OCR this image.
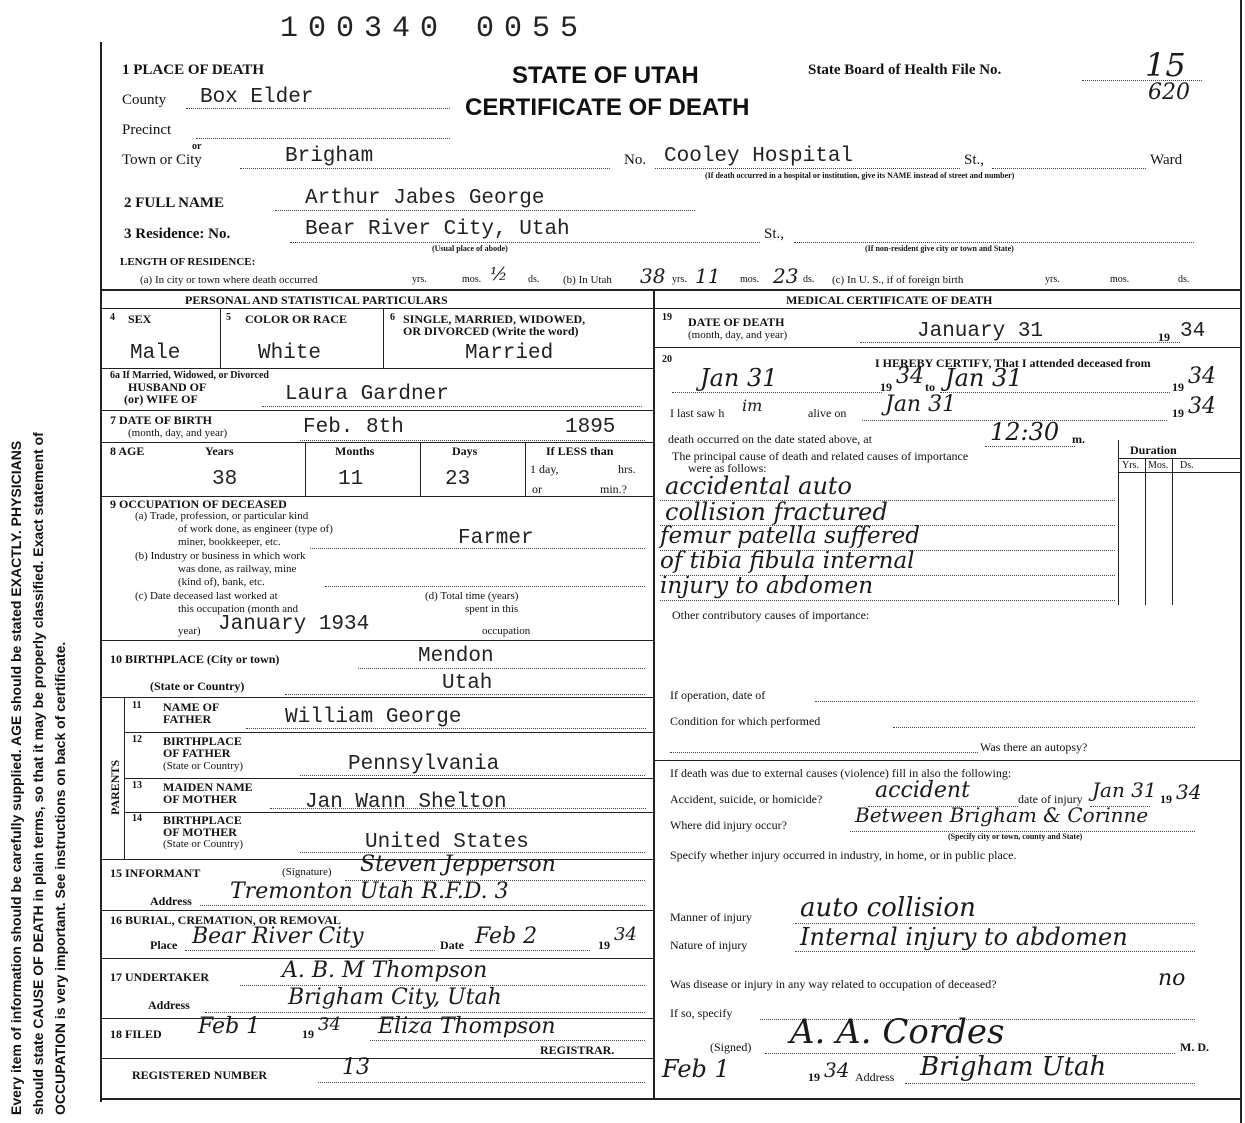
Every item of information should be carefully supplied. AGE should be stated EXACTLY. PHYSICIANS should state CAUSE OF DEATH in plain terms, so that it may be properly classified. Exact statement of OCCUPATION is very important. See instructions on back of certificate.
100340 0055
STATE OF UTAH
CERTIFICATE OF DEATH
State Board of Health File No.	15
620
1 PLACE OF DEATH
County Box Elder
Precinct
or
Town or City	Brigham	No. Cooley Hospital	St.,	Ward
(If death occurred in a hospital or institution, give its NAME instead of street and number)
2 FULL NAME	Arthur Jabes George
3 Residence: No.	Bear River City, Utah	St.,
(Usual place of abode)	(If non-resident give city or town and State)
LENGTH OF RESIDENCE:
(a) In city or town where death occurred	yrs.	mos. ½ ds. (b) In Utah 38 yrs. 11 mos. 23 ds. (c) In U. S., if of foreign birth	yrs.	mos.	ds.
PERSONAL AND STATISTICAL PARTICULARS	MEDICAL CERTIFICATE OF DEATH
4 SEX	5 COLOR OR RACE	6 SINGLE, MARRIED, WIDOWED,
OR DIVORCED (Write the word)
Male	White	Married
6a If Married, Widowed, or Divorced
HUSBAND OF
(or) WIFE OF	Laura Gardner
7 DATE OF BIRTH
(month, day, and year)	Feb. 8th	1895
8 AGE	Years	Months	Days	If LESS than
1 day,	hrs.
or	min.?
38	11	23
9 OCCUPATION OF DECEASED
(a) Trade, profession, or particular kind
of work done, as engineer (type of)
miner, bookkeeper, etc.	Farmer
(b) Industry or business in which work
was done, as railway, mine
(kind of), bank, etc.
(c) Date deceased last worked at
this occupation (month and
year) January 1934
(d) Total time (years)
spent in this
occupation
10 BIRTHPLACE (City or town)	Mendon
(State or Country)	Utah
PARENTS
11 NAME OF
FATHER	William George
12 BIRTHPLACE
OF FATHER
(State or Country)	Pennsylvania
13 MAIDEN NAME
OF MOTHER	Jan Wann Shelton
14 BIRTHPLACE
OF MOTHER
(State or Country)	United States
15 INFORMANT	(Signature) Steven Jepperson
Address Tremonton Utah R.F.D. 3
16 BURIAL, CREMATION, OR REMOVAL
Place Bear River City	Date Feb 2	19 34
17 UNDERTAKER	A. B. M Thompson
Address	Brigham City, Utah
18 FILED Feb 1	19 34 Eliza Thompson
REGISTRAR.
REGISTERED NUMBER	13
19 DATE OF DEATH
(month, day, and year)	January 31	19 34
20	I HEREBY CERTIFY, That I attended deceased from
Jan 31	19 34 to Jan 31	19 34
I last saw h im	alive on Jan 31	19 34
death occurred on the date stated above, at	12:30 m.
Duration
Yrs. Mos. Ds.
The principal cause of death and related causes of importance
were as follows:
accidental auto
collision fractured
femur patella suffered
of tibia fibula internal
injury to abdomen
Other contributory causes of importance:
If operation, date of
Condition for which performed
Was there an autopsy?
If death was due to external causes (violence) fill in also the following:
Accident, suicide, or homicide? accident	date of injury Jan 31 19 34
Where did injury occur?	Between Brigham & Corinne
(Specify city or town, county and State)
Specify whether injury occurred in industry, in home, or in public place.
Manner of injury auto collision
Nature of injury Internal injury to abdomen
Was disease or injury in any way related to occupation of deceased?	no
If so, specify
(Signed) A. A. Cordes	M. D.
Feb 1	19 34 Address Brigham Utah
